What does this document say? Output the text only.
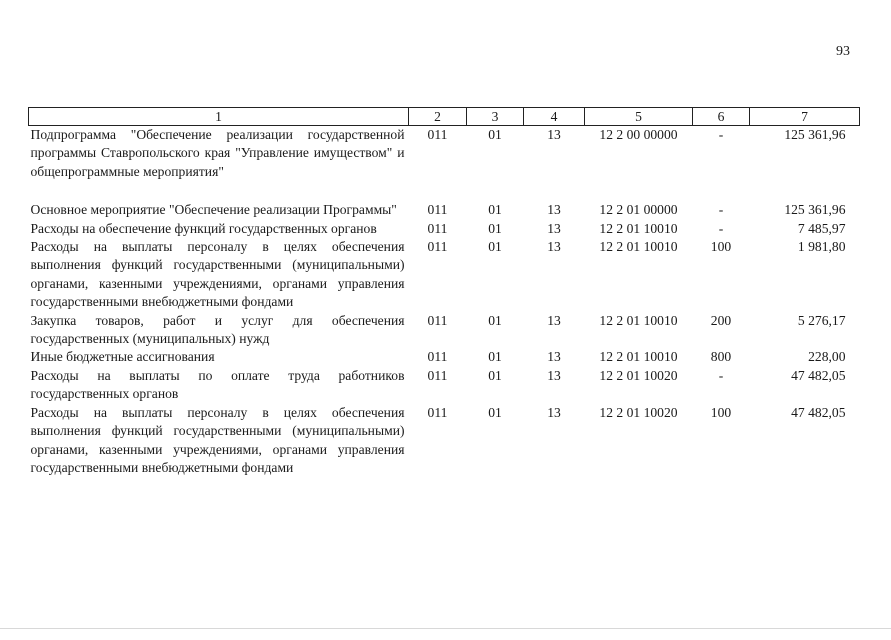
93
1	2	3	4	5	6	7
Подпрограмма "Обеспечение реализации государственной программы Ставропольского края "Управление имуществом" и общепрограммные мероприятия"	011	01	13	12 2 00 00000	-	125 361,96

Основное мероприятие "Обеспечение реализации Программы"	011	01	13	12 2 01 00000	-	125 361,96
Расходы на обеспечение функций государственных органов	011	01	13	12 2 01 10010	-	7 485,97
Расходы на выплаты персоналу в целях обеспечения выполнения функций государственными (муниципальными) органами, казенными учреждениями, органами управления государственными внебюджетными фондами	011	01	13	12 2 01 10010	100	1 981,80
Закупка товаров, работ и услуг для обеспечения государственных (муниципальных) нужд	011	01	13	12 2 01 10010	200	5 276,17
Иные бюджетные ассигнования	011	01	13	12 2 01 10010	800	228,00
Расходы на выплаты по оплате труда работников государственных органов	011	01	13	12 2 01 10020	-	47 482,05
Расходы на выплаты персоналу в целях обеспечения выполнения функций государственными (муниципальными) органами, казенными учреждениями, органами управления государственными внебюджетными фондами	011	01	13	12 2 01 10020	100	47 482,05
